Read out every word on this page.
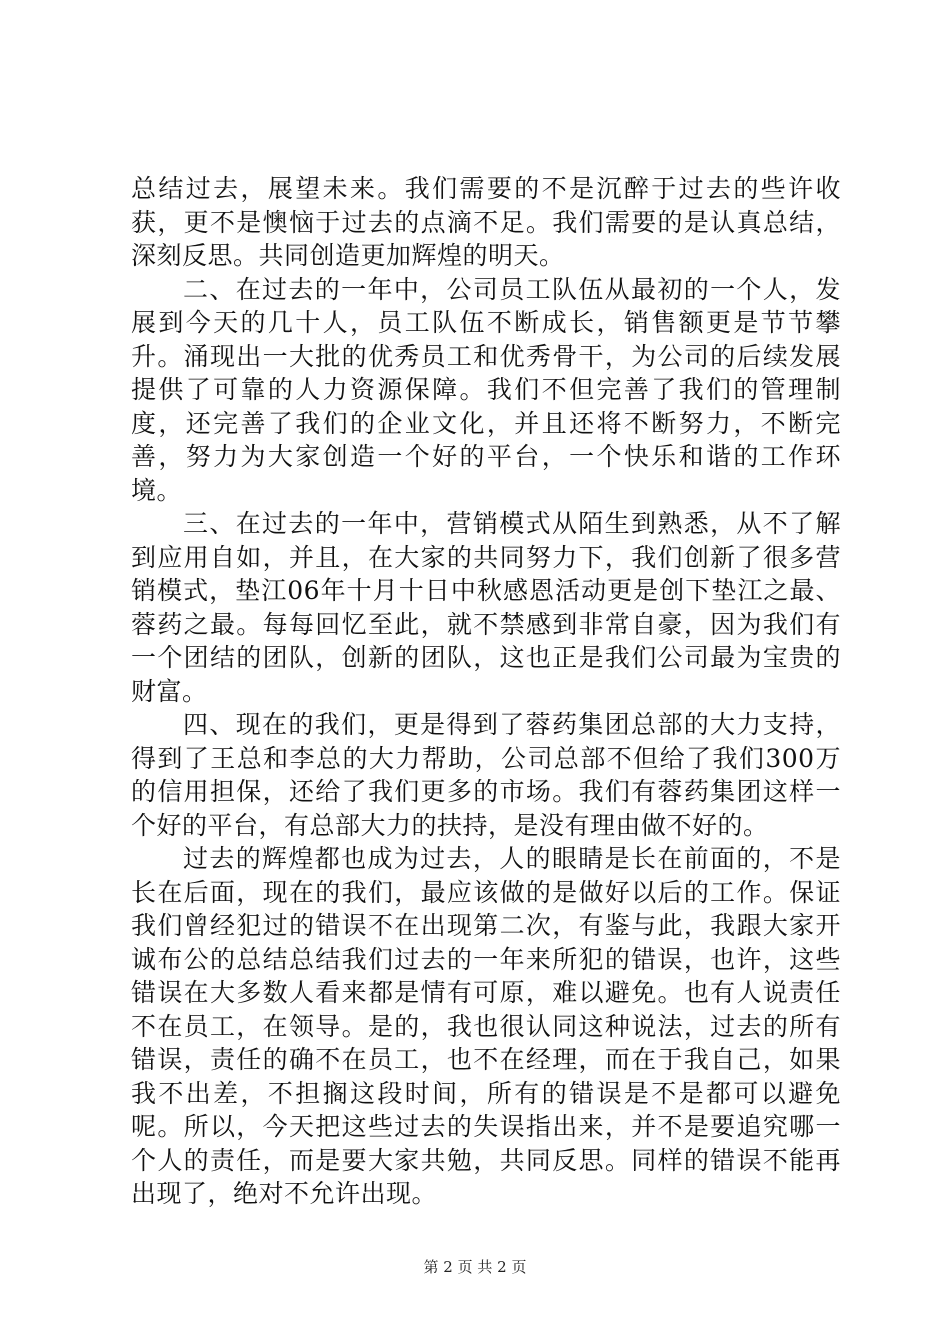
总结过去，展望未来。我们需要的不是沉醉于过去的些许收获，更不是懊恼于过去的点滴不足。我们需要的是认真总结，深刻反思。共同创造更加辉煌的明天。

二、在过去的一年中，公司员工队伍从最初的一个人，发展到今天的几十人，员工队伍不断成长，销售额更是节节攀升。涌现出一大批的优秀员工和优秀骨干，为公司的后续发展提供了可靠的人力资源保障。我们不但完善了我们的管理制度，还完善了我们的企业文化，并且还将不断努力，不断完善，努力为大家创造一个好的平台，一个快乐和谐的工作环境。

三、在过去的一年中，营销模式从陌生到熟悉，从不了解到应用自如，并且，在大家的共同努力下，我们创新了很多营销模式，垫江06年十月十日中秋感恩活动更是创下垫江之最、蓉药之最。每每回忆至此，就不禁感到非常自豪，因为我们有一个团结的团队，创新的团队，这也正是我们公司最为宝贵的财富。

四、现在的我们，更是得到了蓉药集团总部的大力支持，得到了王总和李总的大力帮助，公司总部不但给了我们300万的信用担保，还给了我们更多的市场。我们有蓉药集团这样一个好的平台，有总部大力的扶持，是没有理由做不好的。

过去的辉煌都也成为过去，人的眼睛是长在前面的，不是长在后面，现在的我们，最应该做的是做好以后的工作。保证我们曾经犯过的错误不在出现第二次，有鉴与此，我跟大家开诚布公的总结总结我们过去的一年来所犯的错误，也许，这些错误在大多数人看来都是情有可原，难以避免。也有人说责任不在员工，在领导。是的，我也很认同这种说法，过去的所有错误，责任的确不在员工，也不在经理，而在于我自己，如果我不出差，不担搁这段时间，所有的错误是不是都可以避免呢。所以，今天把这些过去的失误指出来，并不是要追究哪一个人的责任，而是要大家共勉，共同反思。同样的错误不能再出现了，绝对不允许出现。

第 2 页 共 2 页
